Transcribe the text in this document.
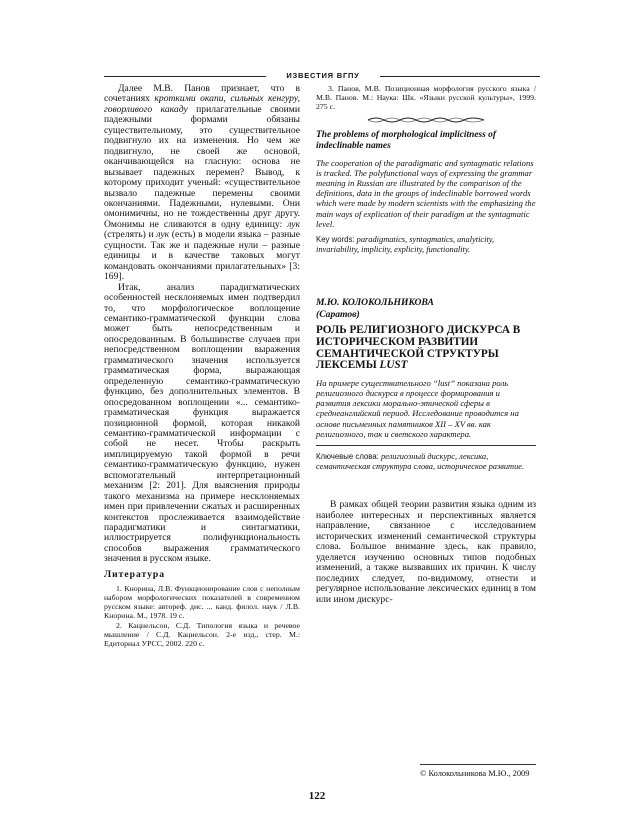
ИЗВЕСТИЯ ВГПУ

Далее М.В. Панов признает, что в сочетаниях кроткими окапи, сильных кенгуру, говорливого какаду прилагательные своими падежными формами обязаны существительному, это существительное подвигнуло их на изменения. Но чем же подвигнуло, не своей же основой, оканчивающейся на гласную: основа не вызывает падежных перемен? Вывод, к которому приходит ученый: «существительное вызвало падежные перемены своими окончаниями. Падежными, нулевыми. Они омонимичны, но не тождественны друг другу. Омонимы не сливаются в одну единицу: лук (стрелять) и лук (есть) в модели языка – разные сущности. Так же и падежные нули – разные единицы и в качестве таковых могут командовать окончаниями прилагательных» [3: 169].

Итак, анализ парадигматических особенностей несклоняемых имен подтвердил то, что морфологическое воплощение семантико-грамматической функции слова может быть непосредственным и опосредованным. В большинстве случаев при непосредственном воплощении выражения грамматического значения используется грамматическая форма, выражающая определенную семантико-грамматическую функцию, без дополнительных элементов. В опосредованном воплощении «... семантико-грамматическая функция выражается позиционной формой, которая никакой семантико-грамматической информации с собой не несет. Чтобы раскрыть имплицируемую такой формой в речи семантико-грамматическую функцию, нужен вспомогательный интерпретационный механизм [2: 201]. Для выяснения природы такого механизма на примере несклоняемых имен при привлечении сжатых и расширенных контекстов прослеживается взаимодействие парадигматики и синтагматики, иллюстрируется полифункциональность способов выражения грамматического значения в русском языке.

Литература

1. Кнорина, Л.В. Функционирование слов с неполным набором морфологических показателей в современном русском языке: автореф. дис. ... канд. филол. наук / Л.В. Кнорина. М., 1978. 19 с.

2. Кацнельсон, С.Д. Типология языка и речевое мышление / С.Д. Кацнельсон. 2-е изд., стер. М.: Едиториал УРСС, 2002. 220 с.

3. Панов, М.В. Позиционная морфология русского языка / М.В. Панов. М.: Наука: Шк. «Языки русской культуры», 1999. 275 с.

The problems of morphological implicitness of indeclinable names

The cooperation of the paradigmatic and syntagmatic relations is tracked. The polyfunctional ways of expressing the grammar meaning in Russian are illustrated by the comparison of the definitions, data in the groups of indeclinable borrowed words which were made by modern scientists with the emphasizing the main ways of explication of their paradigm at the syntagmatic level.

Key words: paradigmatics, syntagmatics, analyticity, invariability, implicity, explicity, functionality.

М.Ю. КОЛОКОЛЬНИКОВА
(Саратов)
РОЛЬ РЕЛИГИОЗНОГО ДИСКУРСА В ИСТОРИЧЕСКОМ РАЗВИТИИ СЕМАНТИЧЕСКОЙ СТРУКТУРЫ ЛЕКСЕМЫ LUST

На примере существительного “lust” показана роль религиозного дискурса в процессе формирования и развития лексики морально-этической сферы в среднеанглийский период. Исследование проводится на основе письменных памятников XII – XV вв. как религиозного, так и светского характера.

Ключевые слова: религиозный дискурс, лексика, семантическая структура слова, историческое развитие.

В рамках общей теории развития языка одним из наиболее интересных и перспективных является направление, связанное с исследованием исторических изменений семантической структуры слова. Большое внимание здесь, как правило, уделяется изучению основных типов подобных изменений, а также вызвавших их причин. К числу последних следует, по-видимому, отнести и регулярное использование лексических единиц в том или ином дискурс-

© Колокольникова М.Ю., 2009
122
